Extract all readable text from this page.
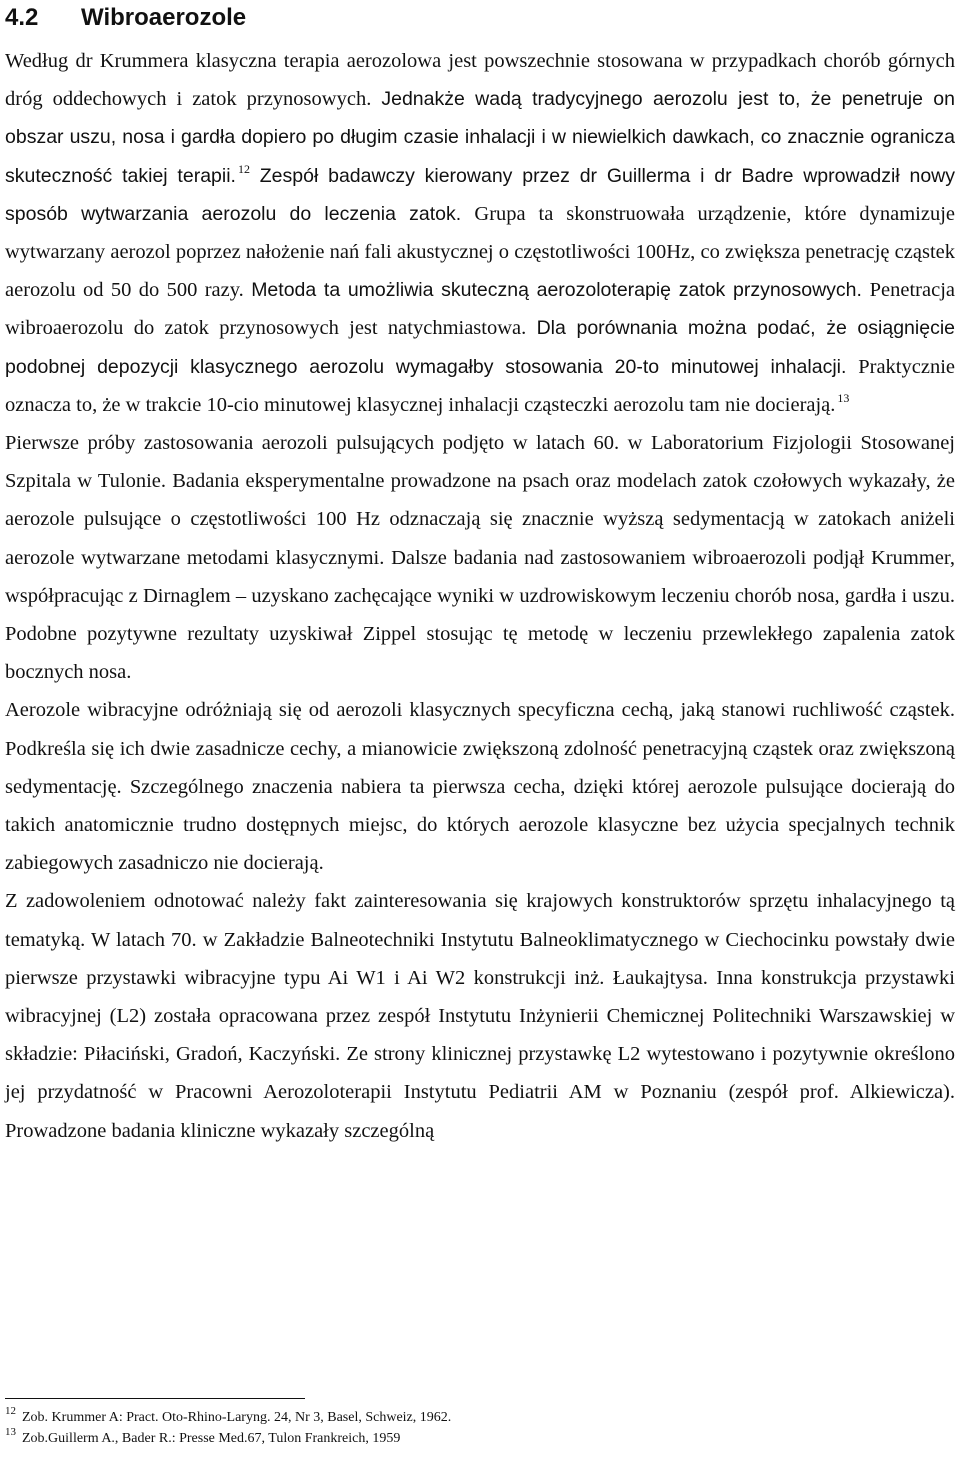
4.2 Wibroaerozole

Według dr Krummera klasyczna terapia aerozolowa jest powszechnie stosowana w przypadkach chorób górnych dróg oddechowych i zatok przynosowych. Jednakże wadą tradycyjnego aerozolu jest to, że penetruje on obszar uszu, nosa i gardła dopiero po długim czasie inhalacji i w niewielkich dawkach, co znacznie ogranicza skuteczność takiej terapii. $^{12}$ Zespół badawczy kierowany przez dr Guillerma i dr Badre wprowadził nowy sposób wytwarzania aerozolu do leczenia zatok. Grupa ta skonstruowała urządzenie, które dynamizuje wytwarzany aerozol poprzez nałożenie nań fali akustycznej o częstotliwości 100Hz, co zwiększa penetrację cząstek aerozolu od 50 do 500 razy. Metoda ta umożliwia skuteczną aerozoloterapię zatok przynosowych. Penetracja wibroaerozolu do zatok przynosowych jest natychmiastowa. Dla porównania można podać, że osiągnięcie podobnej depozycji klasycznego aerozolu wymagałby stosowania 20-to minutowej inhalacji. Praktycznie oznacza to, że w trakcie 10-cio minutowej klasycznej inhalacji cząsteczki aerozolu tam nie docierają. $^{13}$

Pierwsze próby zastosowania aerozoli pulsujących podjęto w latach 60. w Laboratorium Fizjologii Stosowanej Szpitala w Tulonie. Badania eksperymentalne prowadzone na psach oraz modelach zatok czołowych wykazały, że aerozole pulsujące o częstotliwości 100 Hz odznaczają się znacznie wyższą sedymentacją w zatokach aniżeli aerozole wytwarzane metodami klasycznymi. Dalsze badania nad zastosowaniem wibroaerozoli podjął Krummer, współpracując z Dirnaglem – uzyskano zachęcające wyniki w uzdrowiskowym leczeniu chorób nosa, gardła i uszu. Podobne pozytywne rezultaty uzyskiwał Zippel stosując tę metodę w leczeniu przewlekłego zapalenia zatok bocznych nosa.

Aerozole wibracyjne odróżniają się od aerozoli klasycznych specyficzna cechą, jaką stanowi ruchliwość cząstek. Podkreśla się ich dwie zasadnicze cechy, a mianowicie zwiększoną zdolność penetracyjną cząstek oraz zwiększoną sedymentację. Szczególnego znaczenia nabiera ta pierwsza cecha, dzięki której aerozole pulsujące docierają do takich anatomicznie trudno dostępnych miejsc, do których aerozole klasyczne bez użycia specjalnych technik zabiegowych zasadniczo nie docierają.

Z zadowoleniem odnotować należy fakt zainteresowania się krajowych konstruktorów sprzętu inhalacyjnego tą tematyką. W latach 70. w Zakładzie Balneotechniki Instytutu Balneoklimatycznego w Ciechocinku powstały dwie pierwsze przystawki wibracyjne typu Ai W1 i Ai W2 konstrukcji inż. Łaukajtysa. Inna konstrukcja przystawki wibracyjnej (L2) została opracowana przez zespół Instytutu Inżynierii Chemicznej Politechniki Warszawskiej w składzie: Piłaciński, Gradoń, Kaczyński. Ze strony klinicznej przystawkę L2 wytestowano i pozytywnie określono jej przydatność w Pracowni Aerozoloterapii Instytutu Pediatrii AM w Poznaniu (zespół prof. Alkiewicza). Prowadzone badania kliniczne wykazały szczególną

$^{12}$ Zob. Krummer A: Pract. Oto-Rhino-Laryng. 24, Nr 3, Basel, Schweiz, 1962.
$^{13}$ Zob.Guillerm A., Bader R.: Presse Med.67, Tulon Frankreich, 1959
